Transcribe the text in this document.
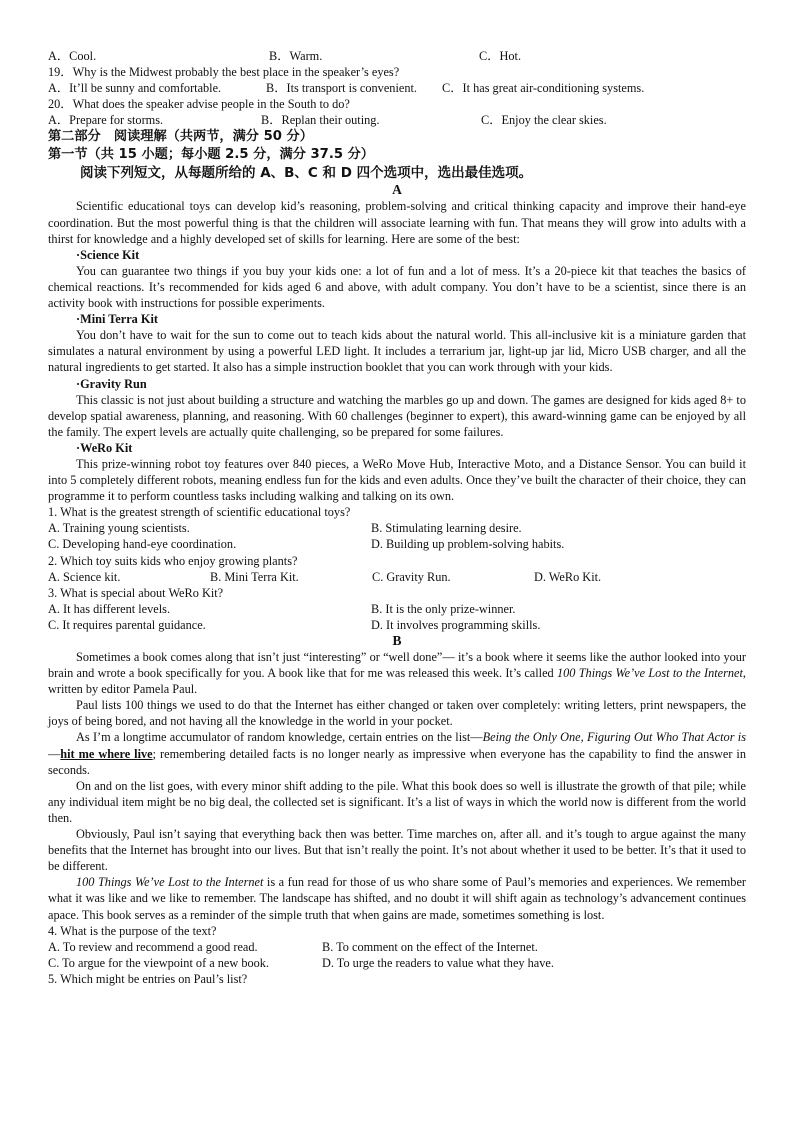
A．Cool.	B．Warm.	C．Hot.
19．Why is the Midwest probably the best place in the speaker’s eyes?
A．It’ll be sunny and comfortable.	B．Its transport is convenient.	C．It has great air-conditioning systems.
20．What does the speaker advise people in the South to do?
A．Prepare for storms.	B．Replan their outing.	C．Enjoy the clear skies.
第二部分　阅读理解（共两节，满分 50 分）
第一节（共 15 小题；每小题 2.5 分，满分 37.5 分）
阅读下列短文，从每题所给的 A、B、C 和 D 四个选项中，选出最佳选项。
A

Scientific educational toys can develop kid’s reasoning, problem-solving and critical thinking capacity and improve their hand-eye coordination. But the most powerful thing is that the children will associate learning with fun. That means they will grow into adults with a thirst for knowledge and a highly developed set of skills for learning. Here are some of the best:

·Science Kit

You can guarantee two things if you buy your kids one: a lot of fun and a lot of mess. It’s a 20-piece kit that teaches the basics of chemical reactions. It’s recommended for kids aged 6 and above, with adult company. You don’t have to be a scientist, since there is an activity book with instructions for possible experiments.

·Mini Terra Kit

You don’t have to wait for the sun to come out to teach kids about the natural world. This all-inclusive kit is a miniature garden that simulates a natural environment by using a powerful LED light. It includes a terrarium jar, light-up jar lid, Micro USB charger, and all the natural ingredients to get started. It also has a simple instruction booklet that you can work through with your kids.

·Gravity Run

This classic is not just about building a structure and watching the marbles go up and down. The games are designed for kids aged 8+ to develop spatial awareness, planning, and reasoning. With 60 challenges (beginner to expert), this award-winning game can be enjoyed by all the family. The expert levels are actually quite challenging, so be prepared for some failures.

·WeRo Kit

This prize-winning robot toy features over 840 pieces, a WeRo Move Hub, Interactive Moto, and a Distance Sensor. You can build it into 5 completely different robots, meaning endless fun for the kids and even adults. Once they’ve built the character of their choice, they can programme it to perform countless tasks including walking and talking on its own.

1. What is the greatest strength of scientific educational toys?
A. Training young scientists.	B. Stimulating learning desire.
C. Developing hand-eye coordination.	D. Building up problem-solving habits.
2. Which toy suits kids who enjoy growing plants?
A. Science kit.	B. Mini Terra Kit.	C. Gravity Run.	D. WeRo Kit.
3. What is special about WeRo Kit?
A. It has different levels.	B. It is the only prize-winner.
C. It requires parental guidance.	D. It involves programming skills.
B

Sometimes a book comes along that isn’t just “interesting” or “well done”— it’s a book where it seems like the author looked into your brain and wrote a book specifically for you. A book like that for me was released this week. It’s called 100 Things We’ve Lost to the Internet, written by editor Pamela Paul.

Paul lists 100 things we used to do that the Internet has either changed or taken over completely: writing letters, print newspapers, the joys of being bored, and not having all the knowledge in the world in your pocket.

As I’m a longtime accumulator of random knowledge, certain entries on the list—Being the Only One, Figuring Out Who That Actor is—hit me where live; remembering detailed facts is no longer nearly as impressive when everyone has the capability to find the answer in seconds.

On and on the list goes, with every minor shift adding to the pile. What this book does so well is illustrate the growth of that pile; while any individual item might be no big deal, the collected set is significant. It’s a list of ways in which the world now is different from the world then.

Obviously, Paul isn’t saying that everything back then was better. Time marches on, after all. and it’s tough to argue against the many benefits that the Internet has brought into our lives. But that isn’t really the point. It’s not about whether it used to be better. It’s that it used to be different.

100 Things We’ve Lost to the Internet is a fun read for those of us who share some of Paul’s memories and experiences. We remember what it was like and we like to remember. The landscape has shifted, and no doubt it will shift again as technology’s advancement continues apace. This book serves as a reminder of the simple truth that when gains are made, sometimes something is lost.

4. What is the purpose of the text?
A. To review and recommend a good read.	B. To comment on the effect of the Internet.
C. To argue for the viewpoint of a new book.	D. To urge the readers to value what they have.
5. Which might be entries on Paul’s list?
